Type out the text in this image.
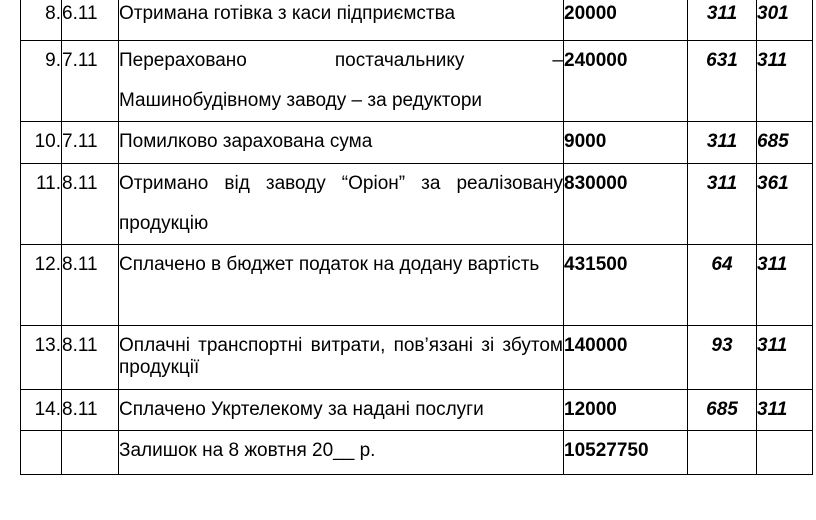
8.	6.11	Отримана готівка з каси підприємства	20000	311	301
9.	7.11	Перераховано постачальнику – Машинобудівному заводу – за редуктори	240000	631	311
10.	7.11	Помилково зарахована сума	9000	311	685
11.	8.11	Отримано від заводу “Оріон” за реалізовану продукцію	830000	311	361
12.	8.11	Сплачено в бюджет податок на додану вартість	431500	64	311
13.	8.11	Оплачні транспортні витрати, пов’язані зі збутом продукції	140000	93	311
14.	8.11	Сплачено Укртелекому за надані послуги	12000	685	311
		Залишок на 8 жовтня 20__ р.	10527750		
